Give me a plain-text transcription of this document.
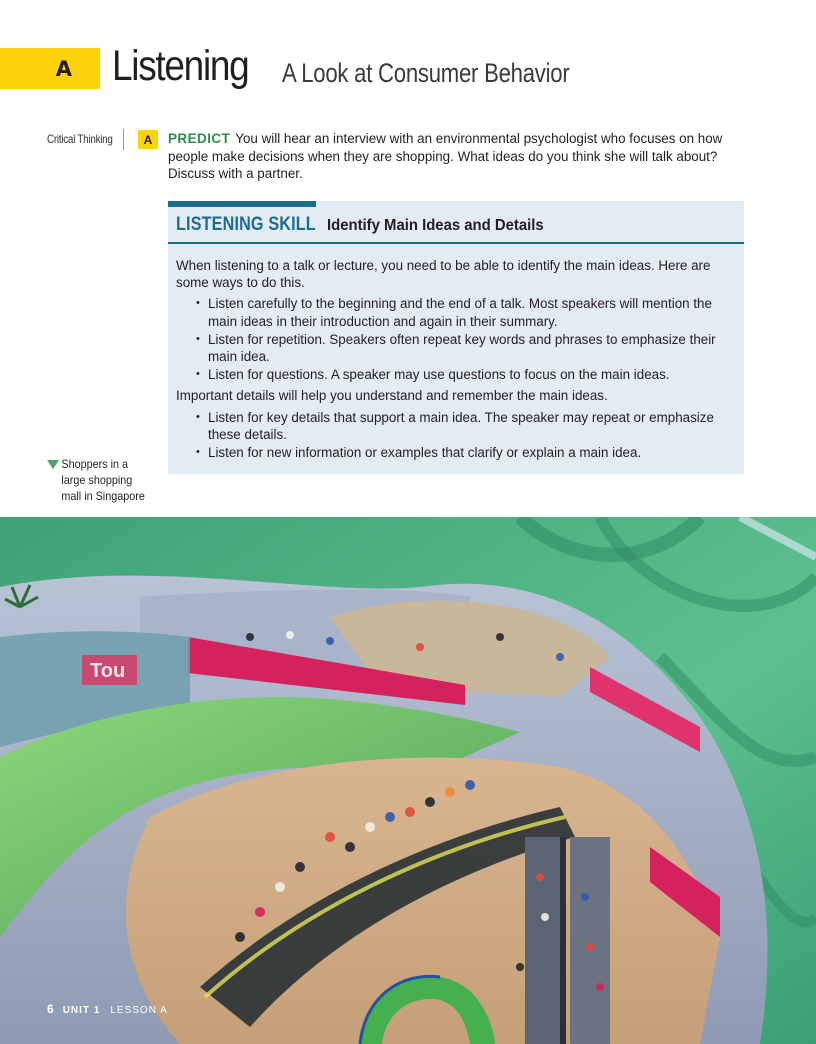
A Listening A Look at Consumer Behavior
Critical Thinking	A PREDICT You will hear an interview with an environmental psychologist who focuses on how people make decisions when they are shopping. What ideas do you think she will talk about? Discuss with a partner.
LISTENING SKILL Identify Main Ideas and Details

When listening to a talk or lecture, you need to be able to identify the main ideas. Here are some ways to do this.

• Listen carefully to the beginning and the end of a talk. Most speakers will mention the main ideas in their introduction and again in their summary.
• Listen for repetition. Speakers often repeat key words and phrases to emphasize their main idea.
• Listen for questions. A speaker may use questions to focus on the main ideas.

Important details will help you understand and remember the main ideas.

• Listen for key details that support a main idea. The speaker may repeat or emphasize these details.
• Listen for new information or examples that clarify or explain a main idea.
Shoppers in a large shopping mall in Singapore
Tou
6 UNIT 1 LESSON A
